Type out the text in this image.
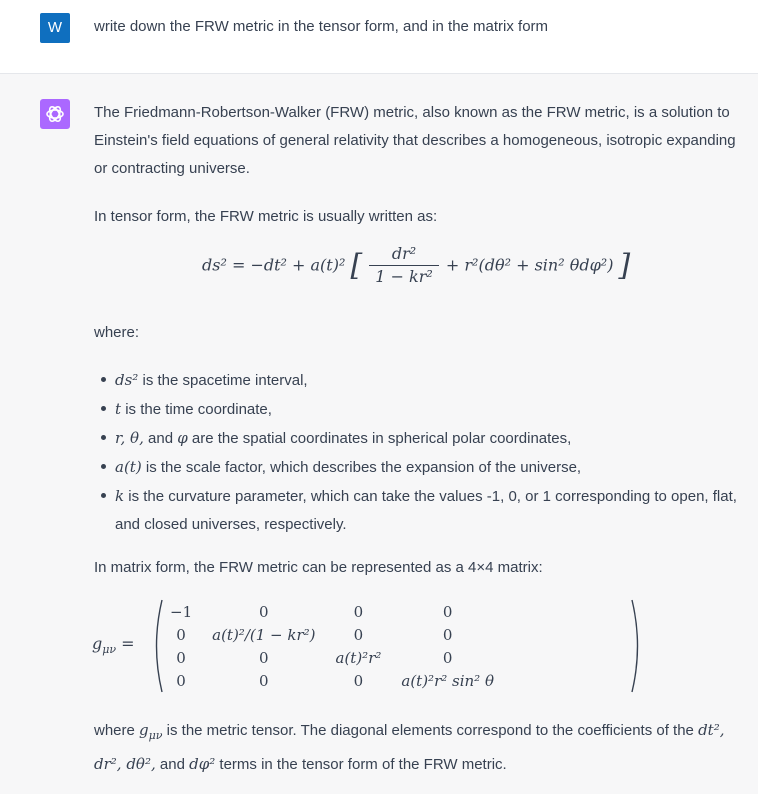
W	write down the FRW metric in the tensor form, and in the matrix form
The Friedmann-Robertson-Walker (FRW) metric, also known as the FRW metric, is a solution to Einstein's field equations of general relativity that describes a homogeneous, isotropic expanding or contracting universe.
In tensor form, the FRW metric is usually written as:
ds² = −dt² + a(t)² [ $\frac{\text{dr²}}{\text{1 − kr²}} + r^2(d\theta^2 + \sin^2$ θdφ²) ]
where:
ds² is the spacetime interval,
t is the time coordinate,
r, θ, and φ are the spatial coordinates in spherical polar coordinates,
a(t) is the scale factor, which describes the expansion of the universe,
k is the curvature parameter, which can take the values -1, 0, or 1 corresponding to open, flat, and closed universes, respectively.
In matrix form, the FRW metric can be represented as a 4×4 matrix:
$g_{\mu\nu}$ =
−1	0	0	0
0	a(t)²/(1 − kr²)	0	0
0	0	a(t)²r²	0
0	0	0	a(t)²r² sin² θ
where $g_{\mu\nu}$ is the metric tensor. The diagonal elements correspond to the coefficients of the dt², dr², dθ², and dφ² terms in the tensor form of the FRW metric.
